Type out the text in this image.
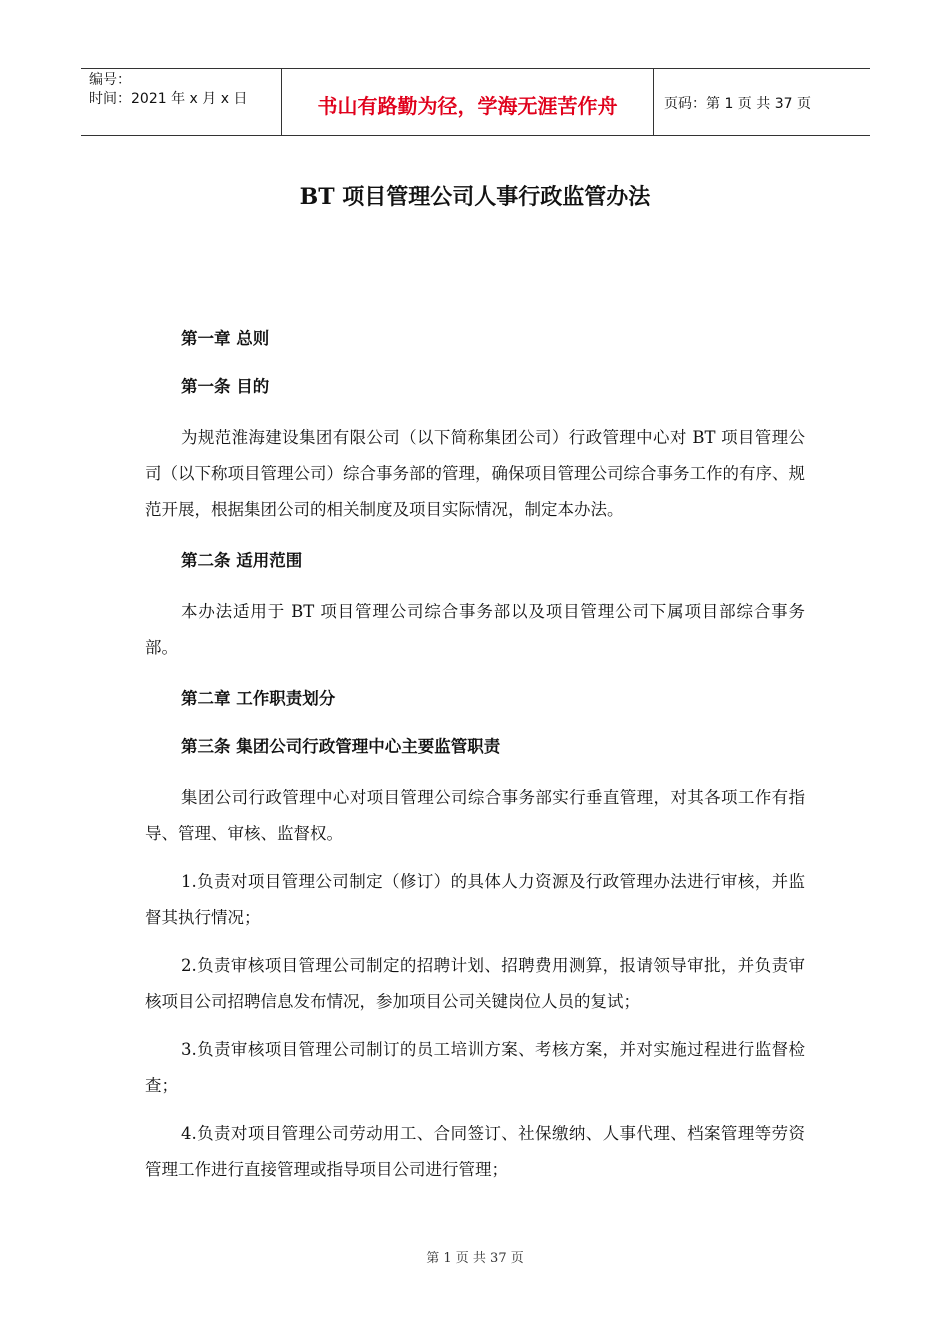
编号：
时间：2021 年 x 月 x 日	书山有路勤为径，学海无涯苦作舟	页码：第 1 页 共 37 页
BT 项目管理公司人事行政监管办法

第一章 总则

第一条 目的

为规范淮海建设集团有限公司（以下简称集团公司）行政管理中心对 BT 项目管理公司（以下称项目管理公司）综合事务部的管理，确保项目管理公司综合事务工作的有序、规范开展，根据集团公司的相关制度及项目实际情况，制定本办法。

第二条 适用范围

本办法适用于 BT 项目管理公司综合事务部以及项目管理公司下属项目部综合事务部。

第二章 工作职责划分

第三条 集团公司行政管理中心主要监管职责

集团公司行政管理中心对项目管理公司综合事务部实行垂直管理，对其各项工作有指导、管理、审核、监督权。

1.负责对项目管理公司制定（修订）的具体人力资源及行政管理办法进行审核，并监督其执行情况；

2.负责审核项目管理公司制定的招聘计划、招聘费用测算，报请领导审批，并负责审核项目公司招聘信息发布情况，参加项目公司关键岗位人员的复试；

3.负责审核项目管理公司制订的员工培训方案、考核方案，并对实施过程进行监督检查；

4.负责对项目管理公司劳动用工、合同签订、社保缴纳、人事代理、档案管理等劳资管理工作进行直接管理或指导项目公司进行管理；

第 1 页 共 37 页
